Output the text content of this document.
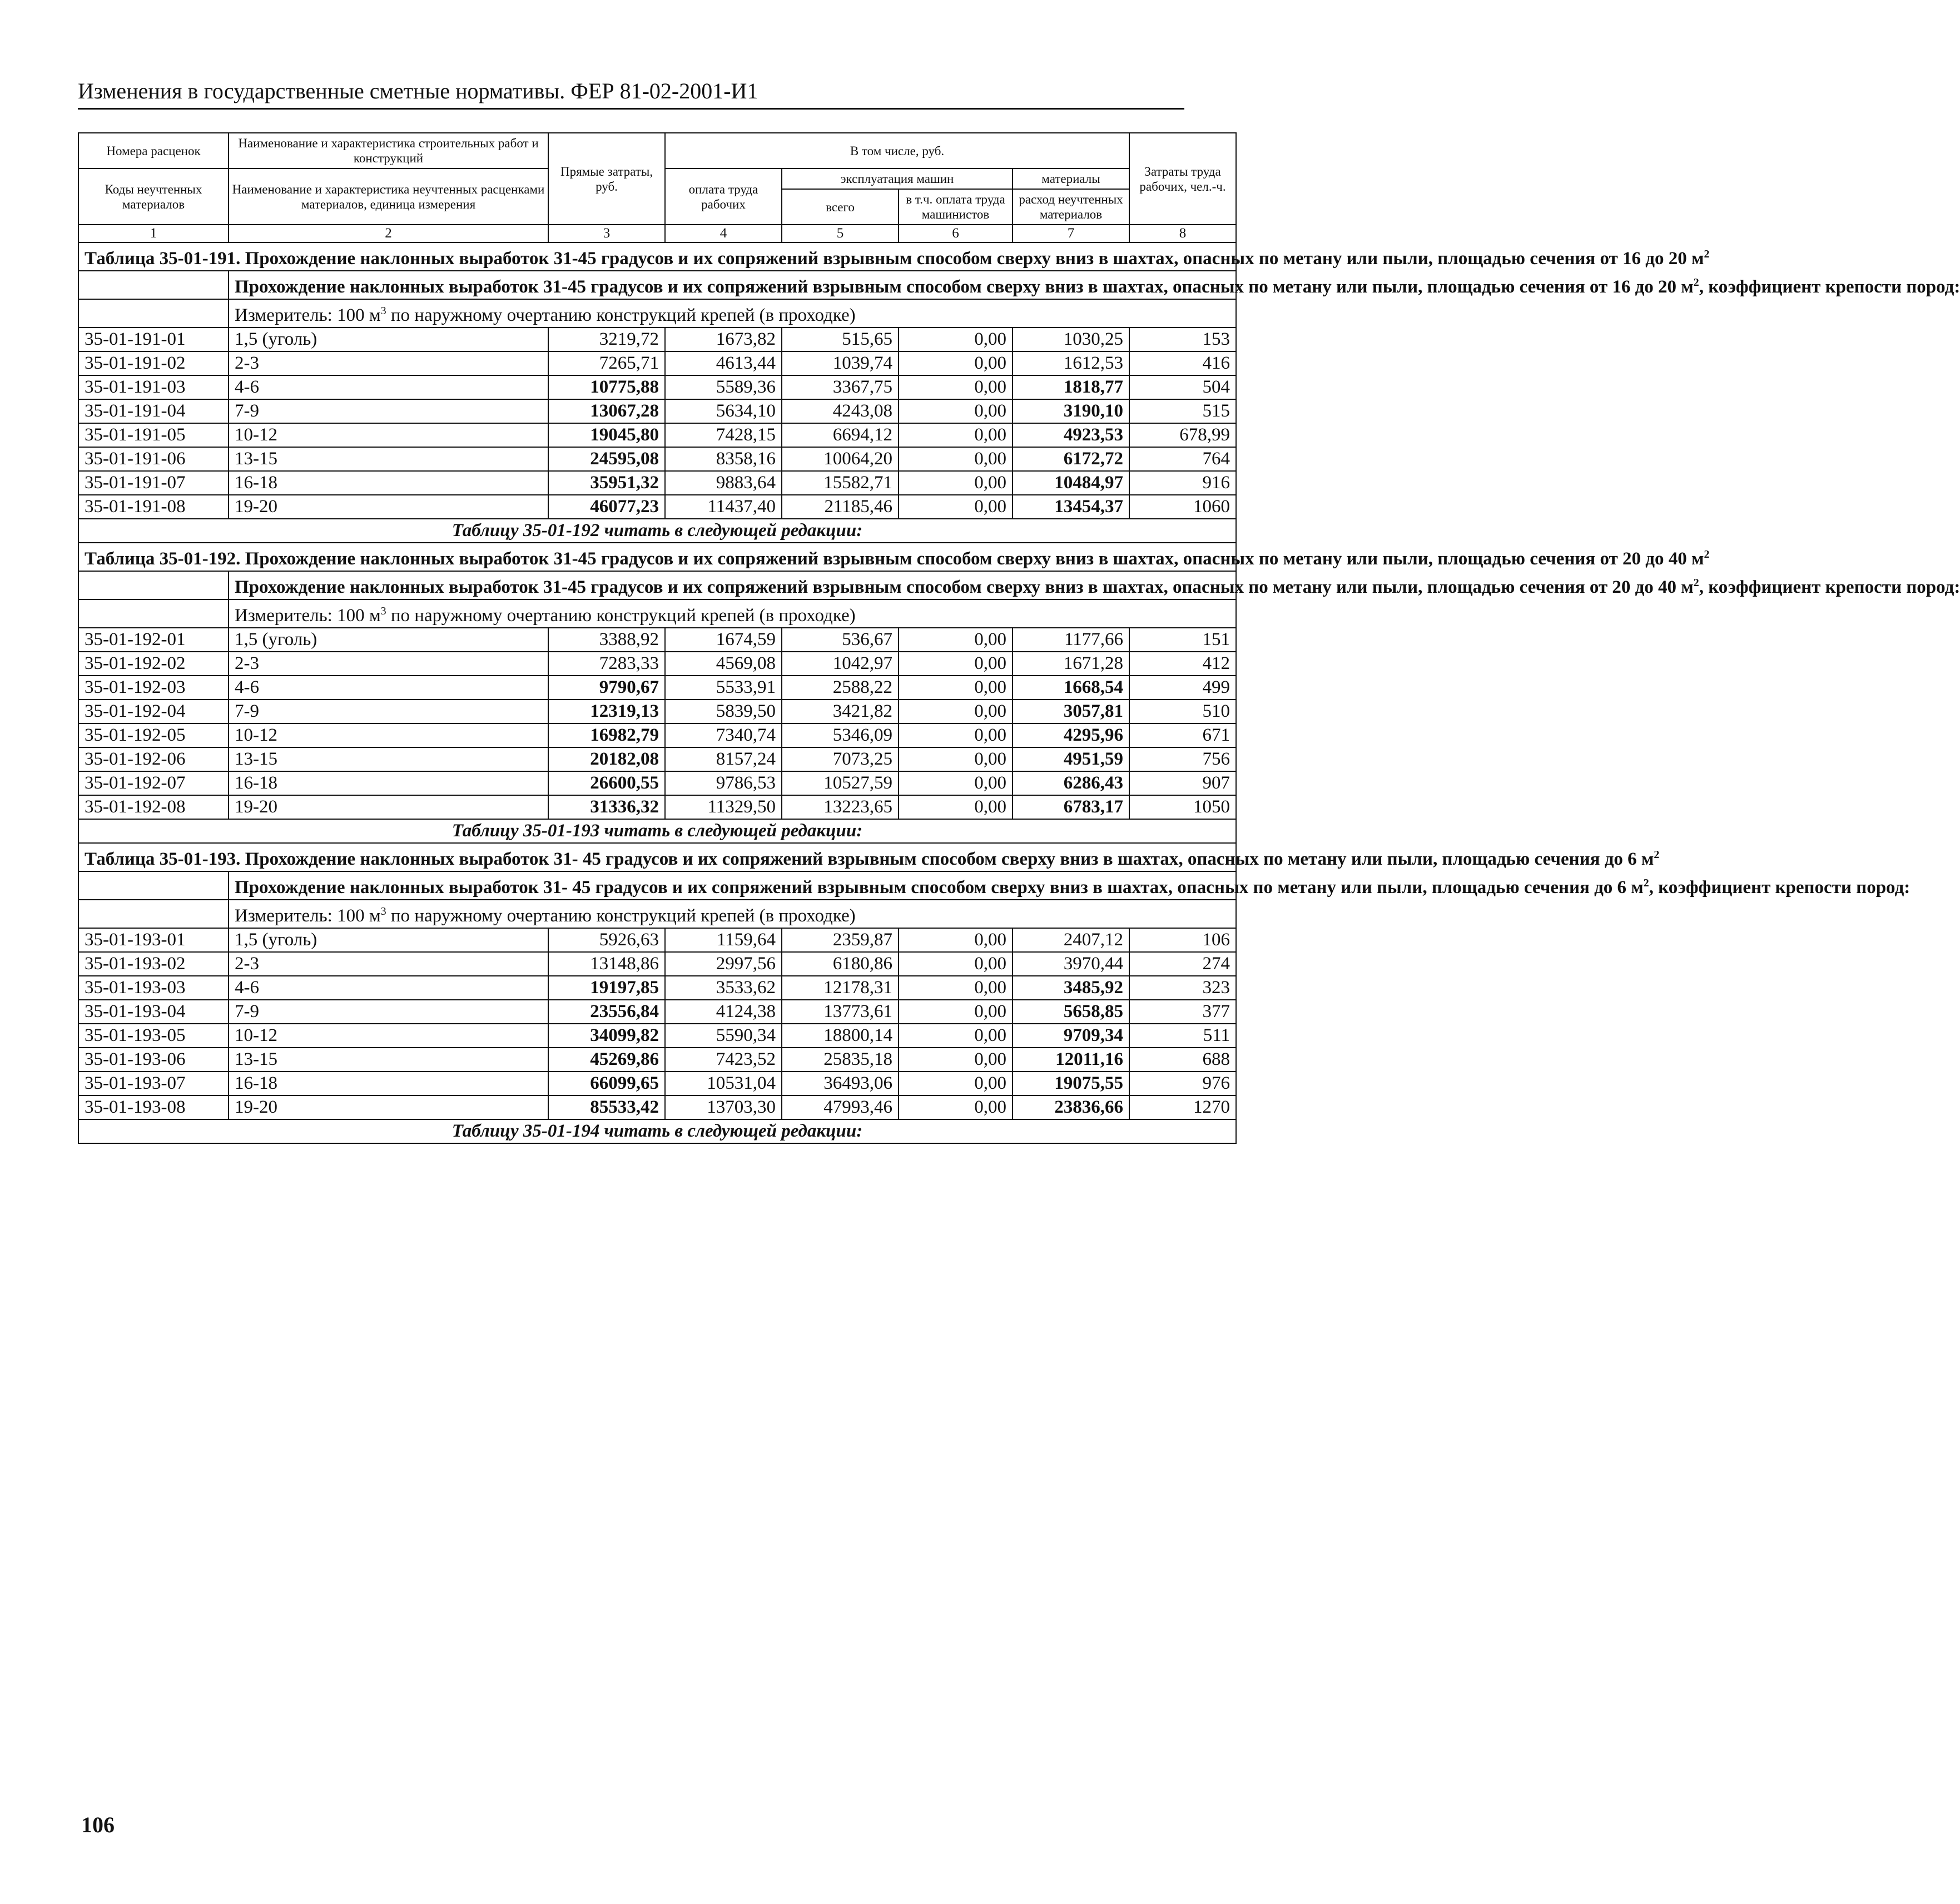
Изменения в государственные сметные нормативы. ФЕР 81-02-2001-И1
Номера расценок	Наименование и характеристика строительных работ и конструкций	Прямые затраты, руб.	В том числе, руб.				Затраты труда рабочих, чел.-ч.
Коды неучтенных материалов	Наименование и характеристика неучтенных расценками материалов, единица измерения		оплата труда рабочих	эксплуатация машин		материалы	
				всего	в т.ч. оплата труда машинистов	расход неучтенных материалов	
1	2	3	4	5	6	7	8
Таблица 35-01-191. Прохождение наклонных выработок 31-45 градусов и их сопряжений взрывным способом сверху вниз в шахтах, опасных по метану или пыли, площадью сечения от 16 до 20 $м^2$
	Прохождение наклонных выработок 31-45 градусов и их сопряжений взрывным способом сверху вниз в шахтах, опасных по метану или пыли, площадью сечения от 16 до 20 $м^2$, коэффициент крепости пород:						
	Измеритель: 100 $м^3$ по наружному очертанию конструкций крепей (в проходке)						
35-01-191-01	1,5 (уголь)	3219,72	1673,82	515,65	0,00	1030,25	153
35-01-191-02	2-3	7265,71	4613,44	1039,74	0,00	1612,53	416
35-01-191-03	4-6	10775,88	5589,36	3367,75	0,00	1818,77	504
35-01-191-04	7-9	13067,28	5634,10	4243,08	0,00	3190,10	515
35-01-191-05	10-12	19045,80	7428,15	6694,12	0,00	4923,53	678,99
35-01-191-06	13-15	24595,08	8358,16	10064,20	0,00	6172,72	764
35-01-191-07	16-18	35951,32	9883,64	15582,71	0,00	10484,97	916
35-01-191-08	19-20	46077,23	11437,40	21185,46	0,00	13454,37	1060
Таблицу 35-01-192 читать в следующей редакции:							
Таблица 35-01-192. Прохождение наклонных выработок 31-45 градусов и их сопряжений взрывным способом сверху вниз в шахтах, опасных по метану или пыли, площадью сечения от 20 до 40 $м^2$
	Прохождение наклонных выработок 31-45 градусов и их сопряжений взрывным способом сверху вниз в шахтах, опасных по метану или пыли, площадью сечения от 20 до 40 $м^2$, коэффициент крепости пород:						
	Измеритель: 100 $м^3$ по наружному очертанию конструкций крепей (в проходке)						
35-01-192-01	1,5 (уголь)	3388,92	1674,59	536,67	0,00	1177,66	151
35-01-192-02	2-3	7283,33	4569,08	1042,97	0,00	1671,28	412
35-01-192-03	4-6	9790,67	5533,91	2588,22	0,00	1668,54	499
35-01-192-04	7-9	12319,13	5839,50	3421,82	0,00	3057,81	510
35-01-192-05	10-12	16982,79	7340,74	5346,09	0,00	4295,96	671
35-01-192-06	13-15	20182,08	8157,24	7073,25	0,00	4951,59	756
35-01-192-07	16-18	26600,55	9786,53	10527,59	0,00	6286,43	907
35-01-192-08	19-20	31336,32	11329,50	13223,65	0,00	6783,17	1050
Таблицу 35-01-193 читать в следующей редакции:							
Таблица 35-01-193. Прохождение наклонных выработок 31- 45 градусов и их сопряжений взрывным способом сверху вниз в шахтах, опасных по метану или пыли, площадью сечения до 6 $м^2$
	Прохождение наклонных выработок 31- 45 градусов и их сопряжений взрывным способом сверху вниз в шахтах, опасных по метану или пыли, площадью сечения до 6 $м^2$, коэффициент крепости пород:						
	Измеритель: 100 $м^3$ по наружному очертанию конструкций крепей (в проходке)						
35-01-193-01	1,5 (уголь)	5926,63	1159,64	2359,87	0,00	2407,12	106
35-01-193-02	2-3	13148,86	2997,56	6180,86	0,00	3970,44	274
35-01-193-03	4-6	19197,85	3533,62	12178,31	0,00	3485,92	323
35-01-193-04	7-9	23556,84	4124,38	13773,61	0,00	5658,85	377
35-01-193-05	10-12	34099,82	5590,34	18800,14	0,00	9709,34	511
35-01-193-06	13-15	45269,86	7423,52	25835,18	0,00	12011,16	688
35-01-193-07	16-18	66099,65	10531,04	36493,06	0,00	19075,55	976
35-01-193-08	19-20	85533,42	13703,30	47993,46	0,00	23836,66	1270
Таблицу 35-01-194 читать в следующей редакции:							
106
